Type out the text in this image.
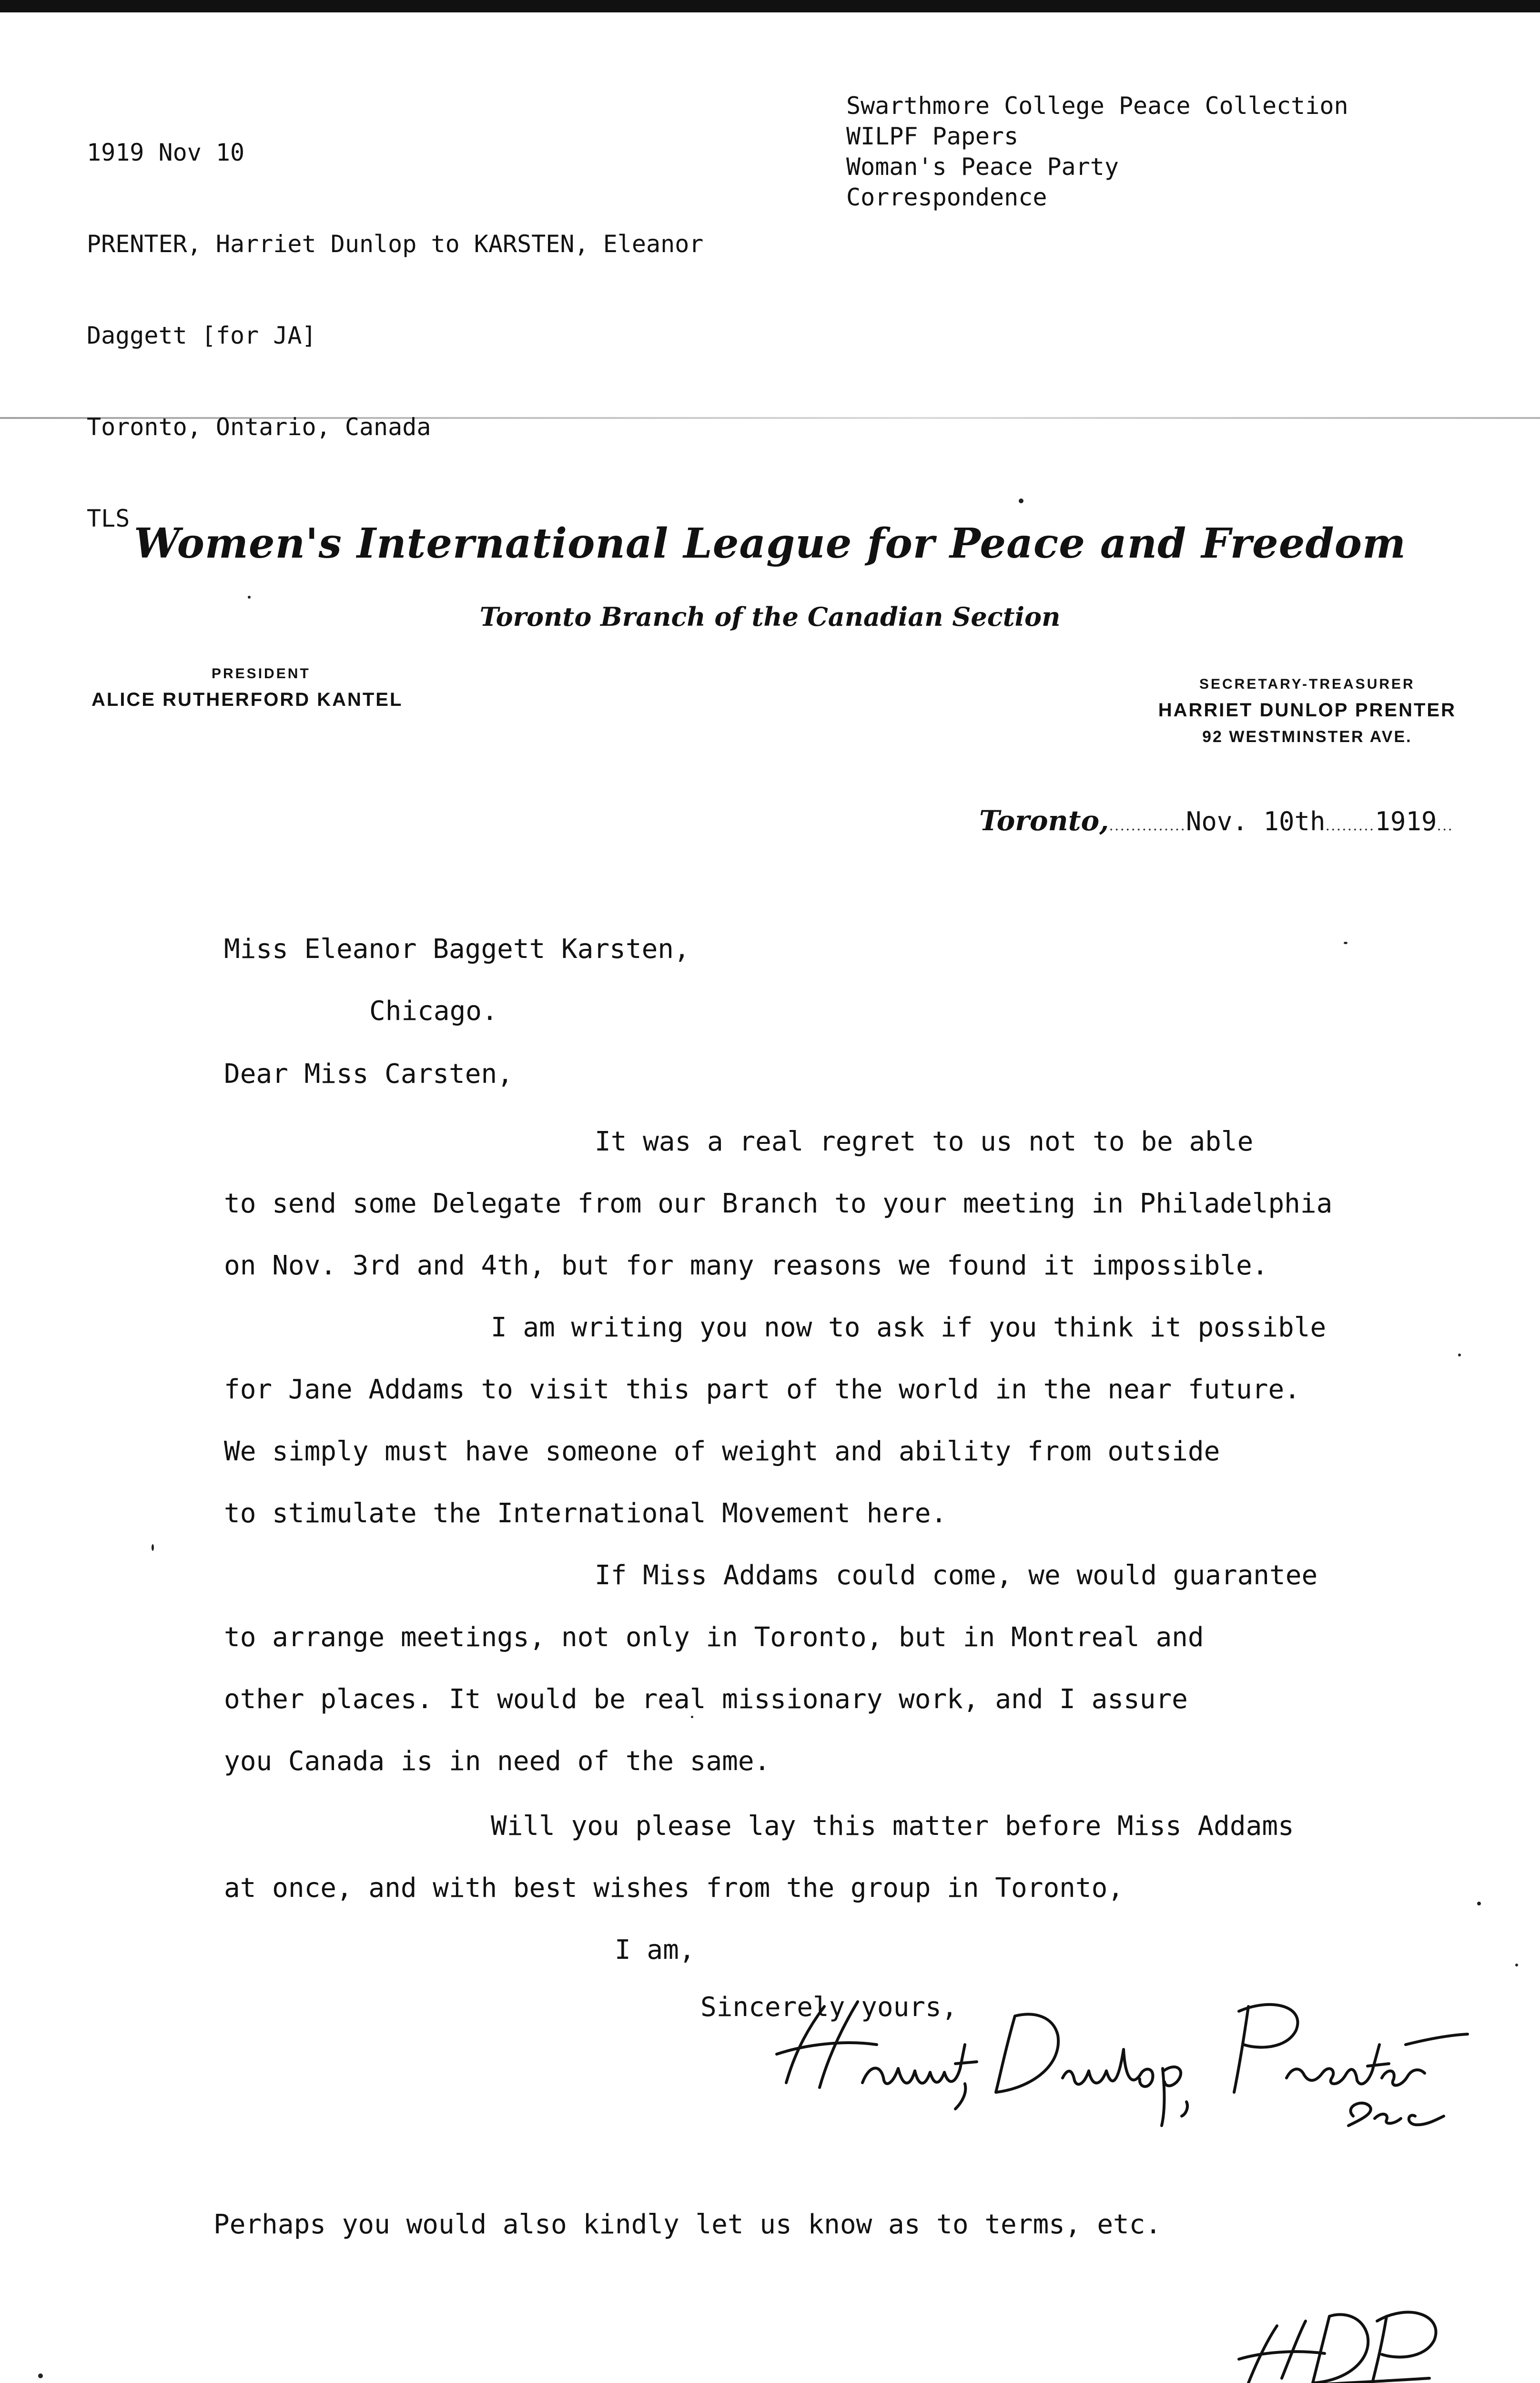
1919 Nov 10

PRENTER, Harriet Dunlop to KARSTEN, Eleanor

Daggett [for JA]

Toronto, Ontario, Canada

TLS

Swarthmore College Peace Collection
WILPF Papers
Woman's Peace Party
Correspondence
Women's International League for Peace and Freedom
Toronto Branch of the Canadian Section
PRESIDENT
ALICE RUTHERFORD KANTEL
SECRETARY-TREASURER
HARRIET DUNLOP PRENTER
92 WESTMINSTER AVE.
Toronto,..............Nov. 10th.........1919...
Miss Eleanor Baggett Karsten,
Chicago.
Dear Miss Carsten,
It was a real regret to us not to be able
to send some Delegate from our Branch to your meeting in Philadelphia
on Nov. 3rd and 4th, but for many reasons we found it impossible.
I am writing you now to ask if you think it possible
for Jane Addams to visit this part of the world in the near future.
We simply must have someone of weight and ability from outside
to stimulate the International Movement here.
If Miss Addams could come, we would guarantee
to arrange meetings, not only in Toronto, but in Montreal and
other places. It would be real missionary work, and I assure
you Canada is in need of the same.
Will you please lay this matter before Miss Addams
at once, and with best wishes from the group in Toronto,
I am,
Sincerely yours,
Perhaps you would also kindly let us know as to terms, etc.
